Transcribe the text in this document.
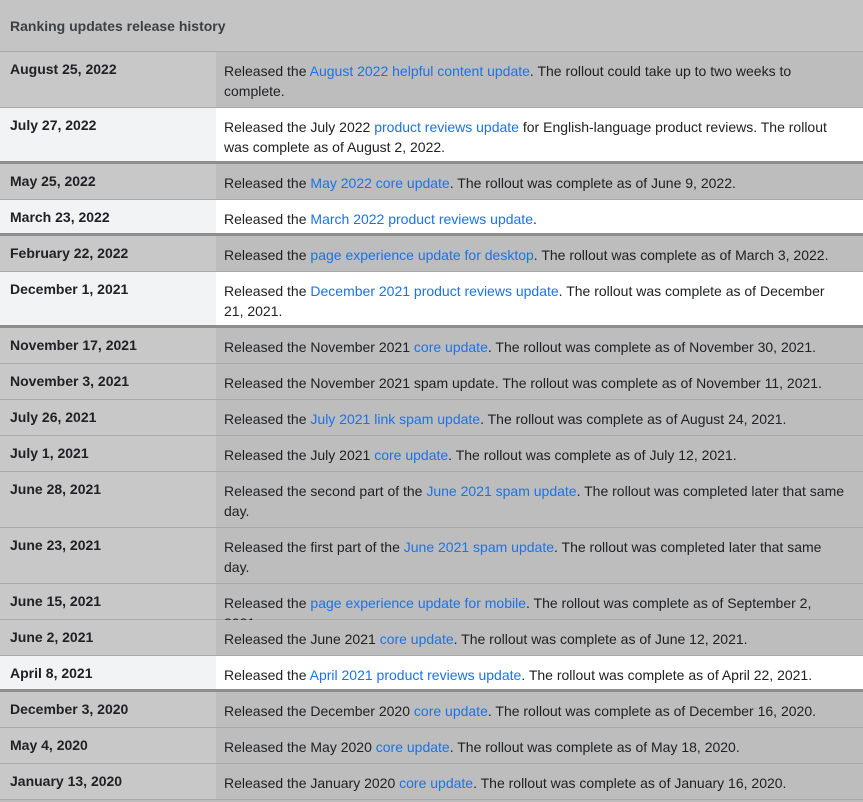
Ranking updates release history
August 25, 2022	Released the August 2022 helpful content update. The rollout could take up to two weeks to complete.
July 27, 2022	Released the July 2022 product reviews update for English-language product reviews. The rollout was complete as of August 2, 2022.
May 25, 2022	Released the May 2022 core update. The rollout was complete as of June 9, 2022.
March 23, 2022	Released the March 2022 product reviews update.
February 22, 2022	Released the page experience update for desktop. The rollout was complete as of March 3, 2022.
December 1, 2021	Released the December 2021 product reviews update. The rollout was complete as of December 21, 2021.
November 17, 2021	Released the November 2021 core update. The rollout was complete as of November 30, 2021.
November 3, 2021	Released the November 2021 spam update. The rollout was complete as of November 11, 2021.
July 26, 2021	Released the July 2021 link spam update. The rollout was complete as of August 24, 2021.
July 1, 2021	Released the July 2021 core update. The rollout was complete as of July 12, 2021.
June 28, 2021	Released the second part of the June 2021 spam update. The rollout was completed later that same day.
June 23, 2021	Released the first part of the June 2021 spam update. The rollout was completed later that same day.
June 15, 2021	Released the page experience update for mobile. The rollout was complete as of September 2,
June 2, 2021	Released the June 2021 core update. The rollout was complete as of June 12, 2021.
April 8, 2021	Released the April 2021 product reviews update. The rollout was complete as of April 22, 2021.
December 3, 2020	Released the December 2020 core update. The rollout was complete as of December 16, 2020.
May 4, 2020	Released the May 2020 core update. The rollout was complete as of May 18, 2020.
January 13, 2020	Released the January 2020 core update. The rollout was complete as of January 16, 2020.
